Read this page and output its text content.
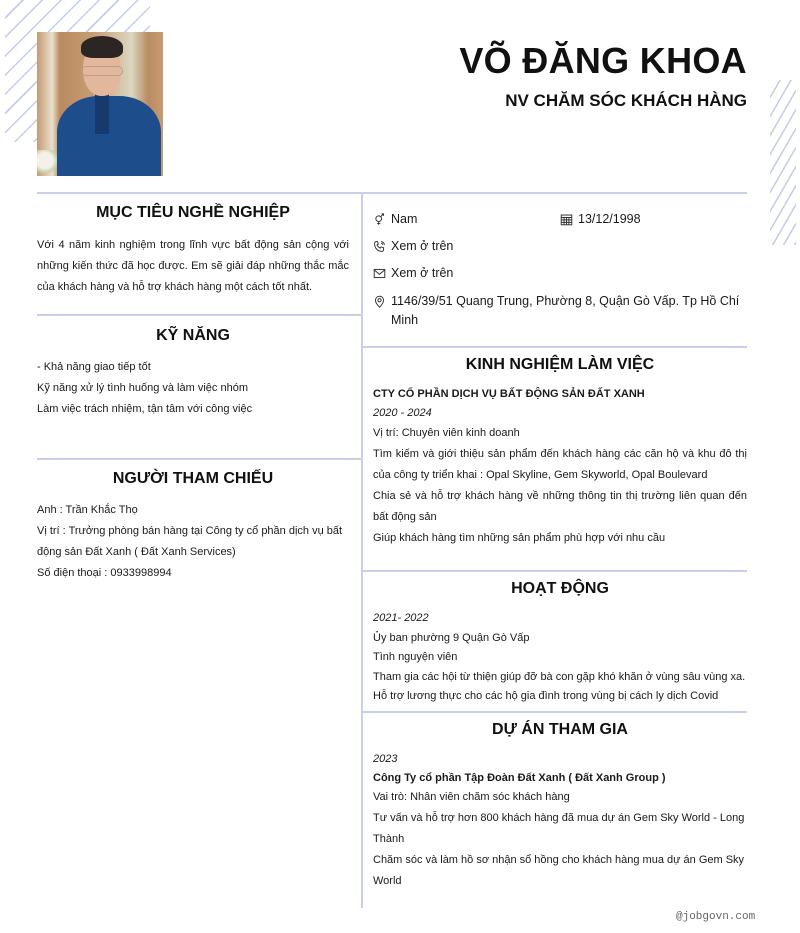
VÕ ĐĂNG KHOA
NV CHĂM SÓC KHÁCH HÀNG
MỤC TIÊU NGHỀ NGHIỆP
Với 4 năm kinh nghiệm trong lĩnh vực bất động sản cộng với những kiến thức đã học được. Em sẽ giải đáp những thắc mắc của khách hàng và hỗ trợ khách hàng một cách tốt nhất.
KỸ NĂNG
- Khả năng giao tiếp tốt
Kỹ năng xử lý tình huống và làm việc nhóm
Làm việc trách nhiệm, tận tâm với công việc
NGƯỜI THAM CHIẾU
Anh : Trần Khắc Thọ
Vị trí : Trưởng phòng bán hàng tại Công ty cổ phần dịch vụ bất động sản Đất Xanh ( Đất Xanh Services)
Số điện thoại : 0933998994
Nam	13/12/1998
Xem ở trên
Xem ở trên
1146/39/51 Quang Trung, Phường 8, Quận Gò Vấp. Tp Hồ Chí Minh
KINH NGHIỆM LÀM VIỆC
CTY CỔ PHẦN DỊCH VỤ BẤT ĐỘNG SẢN ĐẤT XANH
2020 - 2024
Vị trí: Chuyên viên kinh doanh
Tìm kiếm và giới thiệu sản phẩm đến khách hàng các căn hộ và khu đô thị của công ty triển khai : Opal Skyline, Gem Skyworld, Opal Boulevard
Chia sẻ và hỗ trợ khách hàng về những thông tin thị trường liên quan đến bất động sản
Giúp khách hàng tìm những sản phẩm phù hợp với nhu cầu
HOẠT ĐỘNG
2021- 2022
Ủy ban phường 9 Quận Gò Vấp
Tình nguyện viên
Tham gia các hội từ thiện giúp đỡ bà con gặp khó khăn ở vùng sâu vùng xa.
Hỗ trợ lương thực cho các hộ gia đình trong vùng bị cách ly dịch Covid
DỰ ÁN THAM GIA
2023
Công Ty cổ phần Tập Đoàn Đất Xanh ( Đất Xanh Group )
Vai trò: Nhân viên chăm sóc khách hàng
Tư vấn và hỗ trợ hơn 800 khách hàng đã mua dự án Gem Sky World - Long Thành
Chăm sóc và làm hồ sơ nhận sổ hồng cho khách hàng mua dự án Gem Sky World
@jobgovn.com
